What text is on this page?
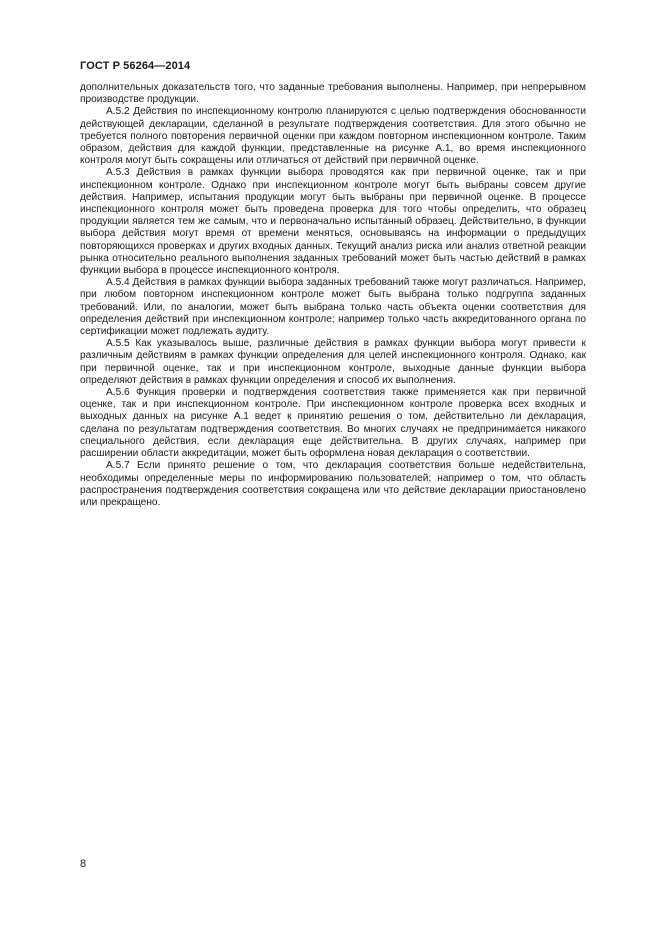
ГОСТ Р 56264—2014

дополнительных доказательств того, что заданные требования выполнены. Например, при непрерывном производстве продукции.

А.5.2 Действия по инспекционному контролю планируются с целью подтверждения обоснованности действующей декларации, сделанной в результате подтверждения соответствия. Для этого обычно не требуется полного повторения первичной оценки при каждом повторном инспекционном контроле. Таким образом, действия для каждой функции, представленные на рисунке А.1, во время инспекционного контроля могут быть сокращены или отличаться от действий при первичной оценке.

А.5.3 Действия в рамках функции выбора проводятся как при первичной оценке, так и при инспекционном контроле. Однако при инспекционном контроле могут быть выбраны совсем другие действия. Например, испытания продукции могут быть выбраны при первичной оценке. В процессе инспекционного контроля может быть проведена проверка для того чтобы определить, что образец продукции является тем же самым, что и первоначально испытанный образец. Действительно, в функции выбора действия могут время от времени меняться, основываясь на информации о предыдущих повторяющихся проверках и других входных данных. Текущий анализ риска или анализ ответной реакции рынка относительно реального выполнения заданных требований может быть частью действий в рамках функции выбора в процессе инспекционного контроля.

А.5.4 Действия в рамках функции выбора заданных требований также могут различаться. Например, при любом повторном инспекционном контроле может быть выбрана только подгруппа заданных требований. Или, по аналогии, может быть выбрана только часть объекта оценки соответствия для определения действий при инспекционном контроле; например только часть аккредитованного органа по сертификации может подлежать аудиту.

А.5.5 Как указывалось выше, различные действия в рамках функции выбора могут привести к различным действиям в рамках функции определения для целей инспекционного контроля. Однако, как при первичной оценке, так и при инспекционном контроле, выходные данные функции выбора определяют действия в рамках функции определения и способ их выполнения.

А.5.6 Функция проверки и подтверждения соответствия также применяется как при первичной оценке, так и при инспекционном контроле. При инспекционном контроле проверка всех входных и выходных данных на рисунке А.1 ведет к принятию решения о том, действительно ли декларация, сделана по результатам подтверждения соответствия. Во многих случаях не предпринимается никакого специального действия, если декларация еще действительна. В других случаях, например при расширении области аккредитации, может быть оформлена новая декларация о соответствии.

А.5.7 Если принято решение о том, что декларация соответствия больше недействительна, необходимы определенные меры по информированию пользователей; например о том, что область распространения подтверждения соответствия сокращена или что действие декларации приостановлено или прекращено.

8
